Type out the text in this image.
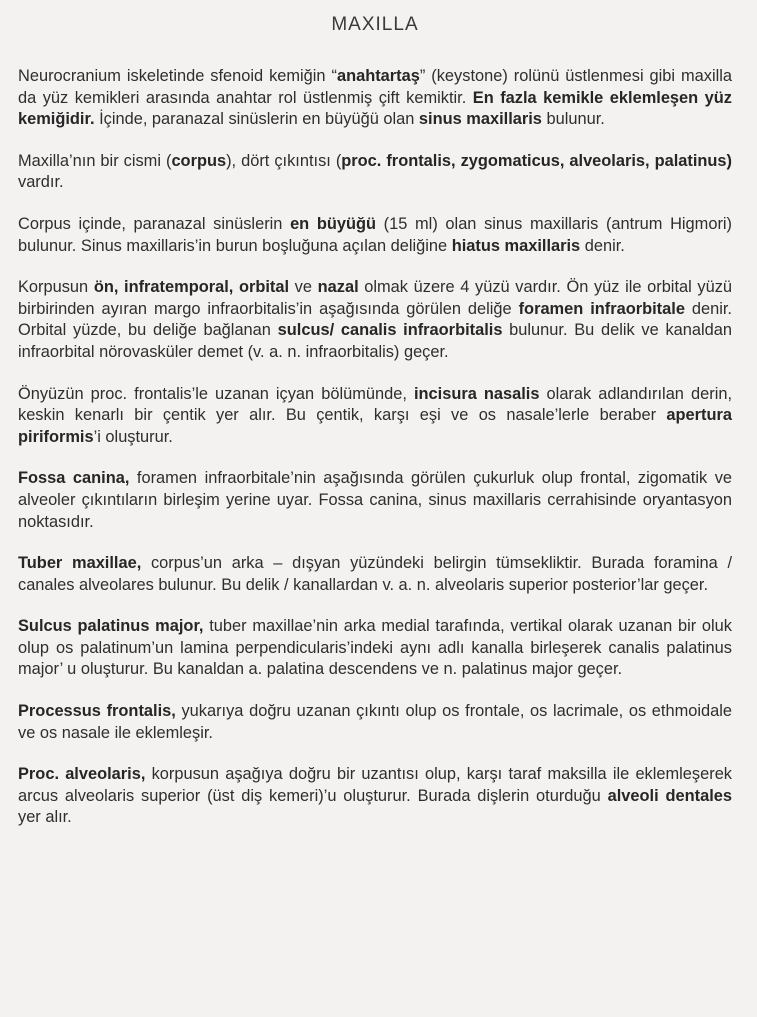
MAXILLA

Neurocranium iskeletinde sfenoid kemiğin “anahtartaş” (keystone) rolünü üstlenmesi gibi maxilla da yüz kemikleri arasında anahtar rol üstlenmiş çift kemiktir. En fazla kemikle eklemleşen yüz kemiğidir. İçinde, paranazal sinüslerin en büyüğü olan sinus maxillaris bulunur.

Maxilla’nın bir cismi (corpus), dört çıkıntısı (proc. frontalis, zygomaticus, alveolaris, palatinus) vardır.

Corpus içinde, paranazal sinüslerin en büyüğü (15 ml) olan sinus maxillaris (antrum Higmori) bulunur. Sinus maxillaris’in burun boşluğuna açılan deliğine hiatus maxillaris denir.

Korpusun ön, infratemporal, orbital ve nazal olmak üzere 4 yüzü vardır. Ön yüz ile orbital yüzü birbirinden ayıran margo infraorbitalis’in aşağısında görülen deliğe foramen infraorbitale denir. Orbital yüzde, bu deliğe bağlanan sulcus/ canalis infraorbitalis bulunur. Bu delik ve kanaldan infraorbital nörovasküler demet (v. a. n. infraorbitalis) geçer.

Önyüzün proc. frontalis’le uzanan içyan bölümünde, incisura nasalis olarak adlandırılan derin, keskin kenarlı bir çentik yer alır. Bu çentik, karşı eşi ve os nasale’lerle beraber apertura piriformis’i oluşturur.

Fossa canina, foramen infraorbitale’nin aşağısında görülen çukurluk olup frontal, zigomatik ve alveoler çıkıntıların birleşim yerine uyar. Fossa canina, sinus maxillaris cerrahisinde oryantasyon noktasıdır.

Tuber maxillae, corpus’un arka – dışyan yüzündeki belirgin tümsekliktir. Burada foramina / canales alveolares bulunur. Bu delik / kanallardan v. a. n. alveolaris superior posterior’lar geçer.

Sulcus palatinus major, tuber maxillae’nin arka medial tarafında, vertikal olarak uzanan bir oluk olup os palatinum’un lamina perpendicularis’indeki aynı adlı kanalla birleşerek canalis palatinus major’ u oluşturur. Bu kanaldan a. palatina descendens ve n. palatinus major geçer.

Processus frontalis, yukarıya doğru uzanan çıkıntı olup os frontale, os lacrimale, os ethmoidale ve os nasale ile eklemleşir.

Proc. alveolaris, korpusun aşağıya doğru bir uzantısı olup, karşı taraf maksilla ile eklemleşerek arcus alveolaris superior (üst diş kemeri)’u oluşturur. Burada dişlerin oturduğu alveoli dentales yer alır.
